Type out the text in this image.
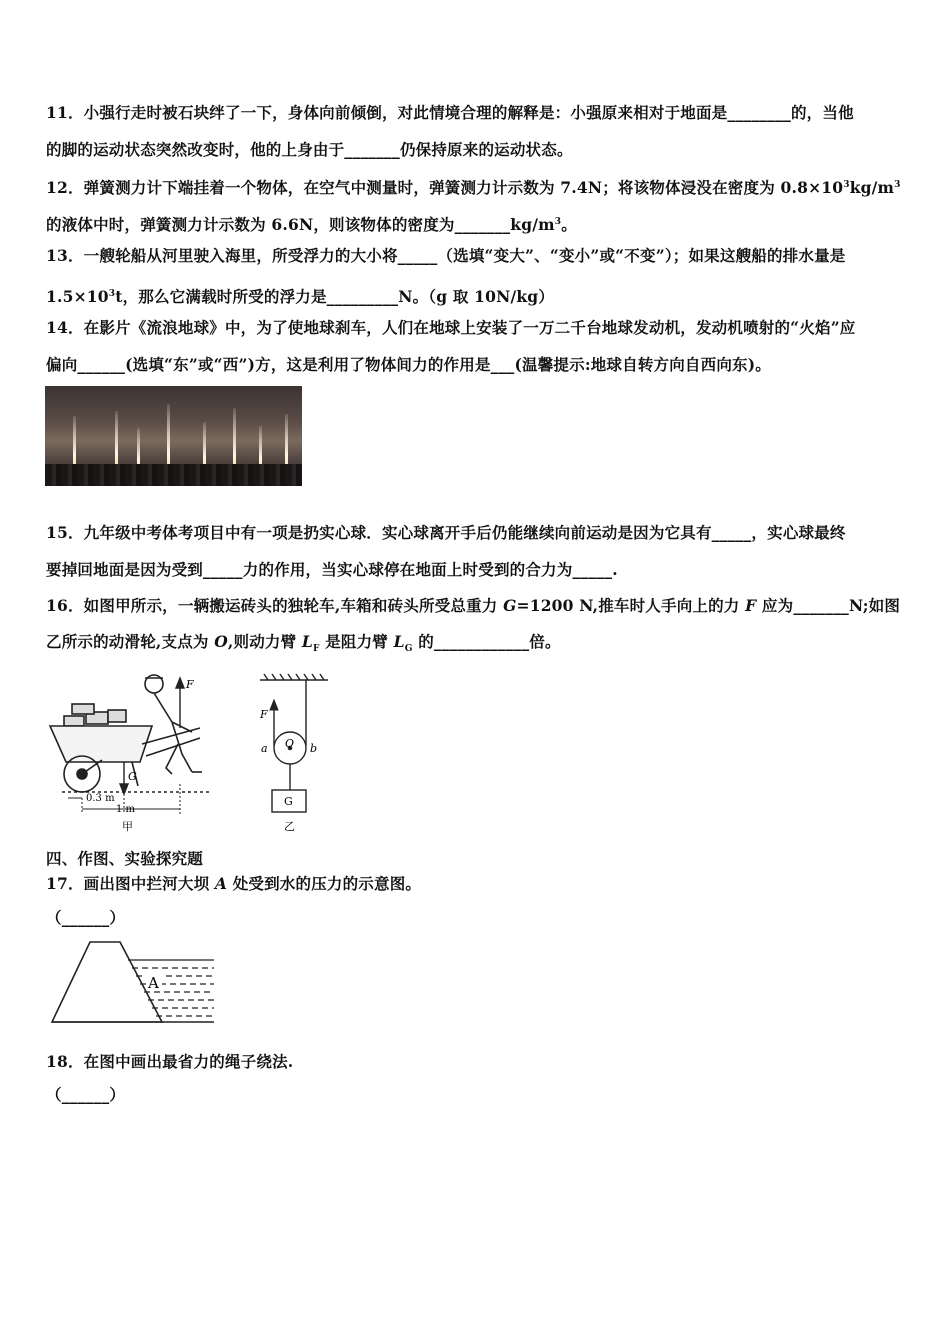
11．小强行走时被石块绊了一下，身体向前倾倒，对此情境合理的解释是：小强原来相对于地面是________的，当他
的脚的运动状态突然改变时，他的上身由于_______仍保持原来的运动状态。
12．弹簧测力计下端挂着一个物体，在空气中测量时，弹簧测力计示数为 7.4N；将该物体浸没在密度为 $0.8\times 10^3kg/m^3$
的液体中时，弹簧测力计示数为 6.6N，则该物体的密度为$\_\_\_\_\_\_\_kg/m^3$。
13．一艘轮船从河里驶入海里，所受浮力的大小将_____（选填“变大”、“变小”或“不变”）；如果这艘船的排水量是
$1.5\times 10^3t$，那么它满载时所受的浮力是_________N。（g 取 10N/kg）
14．在影片《流浪地球》中，为了使地球刹车，人们在地球上安装了一万二千台地球发动机，发动机喷射的“火焰”应
偏向______(选填“东”或“西”)方，这是利用了物体间力的作用是___(温馨提示:地球自转方向自西向东)。
15．九年级中考体考项目中有一项是扔实心球．实心球离开手后仍能继续向前运动是因为它具有_____，实心球最终
要掉回地面是因为受到_____力的作用，当实心球停在地面上时受到的合力为_____.
16．如图甲所示，一辆搬运砖头的独轮车,车箱和砖头所受总重力 G=1200 N,推车时人手向上的力 F 应为_______N;如图
乙所示的动滑轮,支点为 O,则动力臂 $L_F$ 是阻力臂 $L_G$ 的____________倍。
F
G
0.3 m
1 m
甲
F
a O b
G
乙
四、作图、实验探究题
17．画出图中拦河大坝 A 处受到水的压力的示意图。
（______）
A
18．在图中画出最省力的绳子绕法.
（______）
